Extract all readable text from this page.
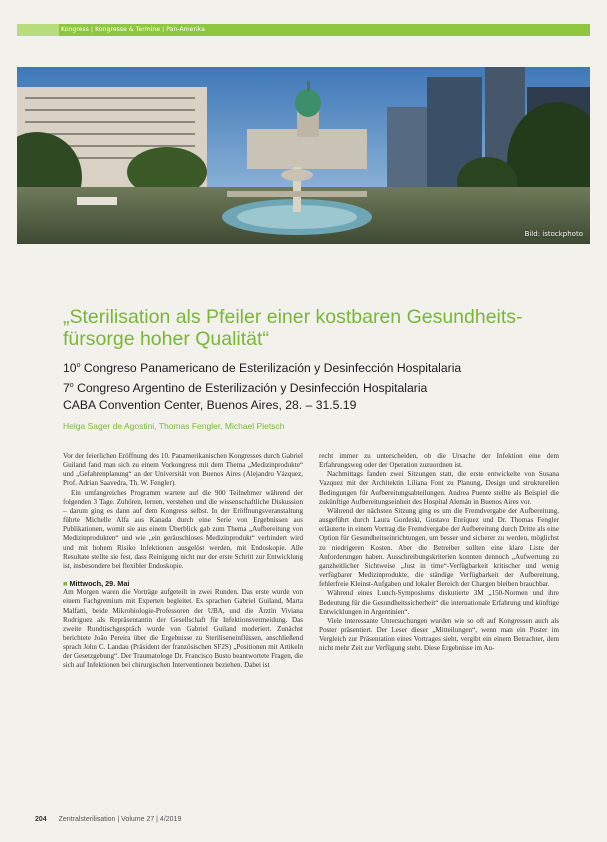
Kongress | Kongresse & Termine | Pan-Amerika
Bild: istockphoto
„Sterilisation als Pfeiler einer kostbaren Gesundheits-fürsorge hoher Qualität“
10$^o$ Congreso Panamericano de Esterilización y Desinfección Hospitalaria
7$^o$ Congreso Argentino de Esterilización y Desinfección Hospitalaria
CABA Convention Center, Buenos Aires, 28. – 31.5.19
Helga Sager de Agostini, Thomas Fengler, Michael Pietsch

Vor der feierlichen Eröffnung des 10. Panamerikanischen Kongresses durch Gabriel Guiland fand man sich zu einem Vorkongress mit dem Thema „Medizinprodukte“ und „Gefahrenplanung“ an der Universität von Buenos Aires (Alejandro Vázquez, Prof. Adrian Saavedra, Th. W. Fengler).

Ein umfangreiches Programm wartete auf die 900 Teilnehmer während der folgenden 3 Tage. Zuhören, lernen, verstehen und die wissenschaftliche Diskussion – darum ging es dann auf dem Kongress selbst. In der Eröffnungsveranstaltung führte Michelle Alfa aus Kanada durch eine Serie von Ergebnissen aus Publikationen, womit sie aus einem Überblick gab zum Thema „Aufbereitung von Medizinprodukten“ und wie „ein geräuschloses Medizinprodukt“ verhindert wird und mit hohem Risiko Infektionen ausgelöst werden, mit Endoskopie. Alle Resultate stellte sie fest, dass Reinigung nicht nur der erste Schritt zur Entwicklung ist, insbesondere bei flexibler Endoskopie.

■ Mittwoch, 29. Mai

Am Morgen waren die Vorträge aufgeteilt in zwei Runden. Das erste wurde von einem Fachgremium mit Experten begleitet. Es sprachen Gabriel Guiland, Marta Malfatti, beide Mikrobiologie-Professoren der UBA, und die Ärztin Viviana Rodriguez als Repräsentantin der Gesellschaft für Infektionsvermeidung. Das zweite Rundtischgespräch wurde von Gabriel Guiland moderiert. Zunächst berichtete João Pereira über die Ergebnisse zu Steriliseneinflüssen, anschließend sprach John C. Landau (Präsident der französischen SF2S) „Positionen mit Artikeln der Gesetzgebung“. Der Traumatologe Dr. Francisco Busto beantwortete Fragen, die sich auf Infektionen bei chirurgischen Interventionen beziehen. Dabei ist

recht immer zu unterscheiden, ob die Ursache der Infektion eine dem Erfahrungsweg oder der Operation zuzuordnen ist.

Nachmittags fanden zwei Sitzungen statt, die erste entwickelte von Susana Vazquez mit der Architektin Liliana Font zu Planung, Design und strukturellen Bedingungen für Aufbereitungsabteilungen. Andrea Puente stellte als Beispiel die zukünftige Aufbereitungseinheit des Hospital Alemán in Buenos Aires vor.

Während der nächsten Sitzung ging es um die Fremdvergabe der Aufbereitung, ausgeführt durch Laura Gordeski, Gustavo Enríquez und Dr. Thomas Fengler erläuterte in einem Vortrag die Fremdvergabe der Aufbereitung durch Dritte als eine Option für Gesundheitseinrichtungen, um besser und sicherer zu werden, möglichst zu niedrigeren Kosten. Aber die Betreiber sollten eine klare Liste der Anforderungen haben. Ausschreibungskriterien konnten dennoch „Aufwertung zu ganzheitlicher Sichtweise „Just in time“-Verfügbarkeit kritischer und wenig verfügbarer Medizinprodukte, die ständige Verfügbarkeit der Aufbereitung, fehlerfreie Kleinst-Aufgaben und lokaler Bereich der Chargen bleiben brauchbar.

Während eines Lunch-Symposiums diskutierte 3M „150-Normen und ihre Bedeutung für die Gesundheitssicherheit“ die internationale Erfahrung und künftige Entwicklungen in Argentinien“.

Viele interessante Untersuchungen wurden wie so oft auf Kongressen auch als Poster präsentiert. Der Leser dieser „Mitteilungen“, wenn man ein Poster im Vergleich zur Präsentation eines Vortrages sieht, vergibt ein einem Betrachter, dem nicht mehr Zeit zur Verfügung steht. Diese Ergebnisse im Au-

204 Zentralsterilisation | Volume 27 | 4/2019
